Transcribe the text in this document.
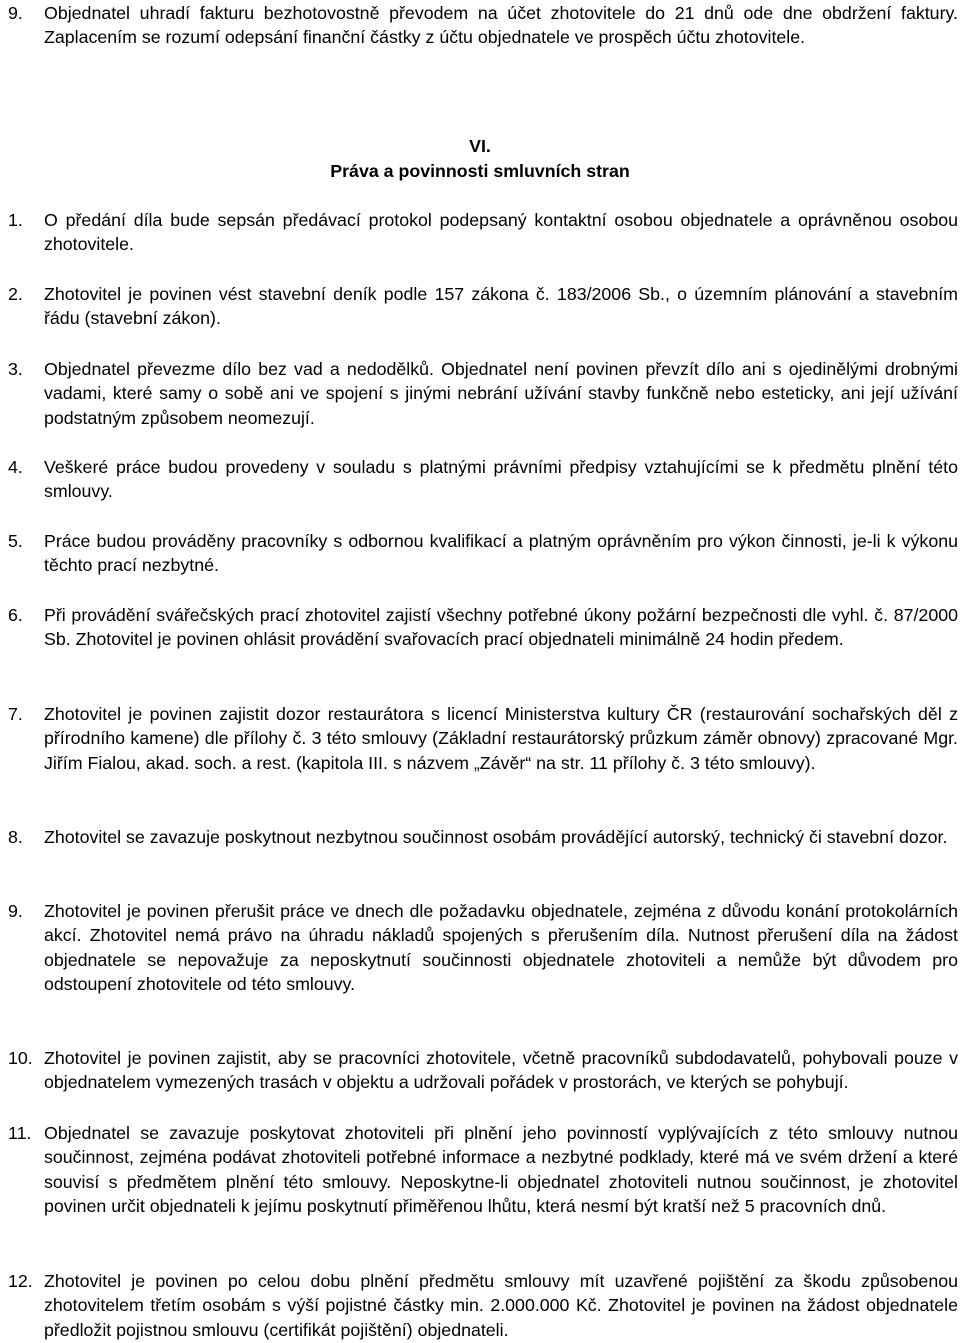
9.	Objednatel uhradí fakturu bezhotovostně převodem na účet zhotovitele do 21 dnů ode dne obdržení faktury. Zaplacením se rozumí odepsání finanční částky z účtu objednatele ve prospěch účtu zhotovitele.
VI.
Práva a povinnosti smluvních stran
1.	O předání díla bude sepsán předávací protokol podepsaný kontaktní osobou objednatele a oprávněnou osobou zhotovitele.
2.	Zhotovitel je povinen vést stavební deník podle 157 zákona č. 183/2006 Sb., o územním plánování a stavebním řádu (stavební zákon).
3.	Objednatel převezme dílo bez vad a nedodělků. Objednatel není povinen převzít dílo ani s ojedinělými drobnými vadami, které samy o sobě ani ve spojení s jinými nebrání užívání stavby funkčně nebo esteticky, ani její užívání podstatným způsobem neomezují.
4.	Veškeré práce budou provedeny v souladu s platnými právními předpisy vztahujícími se k předmětu plnění této smlouvy.
5.	Práce budou prováděny pracovníky s odbornou kvalifikací a platným oprávněním pro výkon činnosti, je-li k výkonu těchto prací nezbytné.
6.	Při provádění svářečských prací zhotovitel zajistí všechny potřebné úkony požární bezpečnosti dle vyhl. č. 87/2000 Sb. Zhotovitel je povinen ohlásit provádění svařovacích prací objednateli minimálně 24 hodin předem.
7.	Zhotovitel je povinen zajistit dozor restaurátora s licencí Ministerstva kultury ČR (restaurování sochařských děl z přírodního kamene) dle přílohy č. 3 této smlouvy (Základní restaurátorský průzkum záměr obnovy) zpracované Mgr. Jiřím Fialou, akad. soch. a rest. (kapitola III. s názvem „Závěr“ na str. 11 přílohy č. 3 této smlouvy).
8.	Zhotovitel se zavazuje poskytnout nezbytnou součinnost osobám provádějící autorský, technický či stavební dozor.
9.	Zhotovitel je povinen přerušit práce ve dnech dle požadavku objednatele, zejména z důvodu konání protokolárních akcí. Zhotovitel nemá právo na úhradu nákladů spojených s přerušením díla. Nutnost přerušení díla na žádost objednatele se nepovažuje za neposkytnutí součinnosti objednatele zhotoviteli a nemůže být důvodem pro odstoupení zhotovitele od této smlouvy.
10. Zhotovitel je povinen zajistit, aby se pracovníci zhotovitele, včetně pracovníků subdodavatelů, pohybovali pouze v objednatelem vymezených trasách v objektu a udržovali pořádek v prostorách, ve kterých se pohybují.
11. Objednatel se zavazuje poskytovat zhotoviteli při plnění jeho povinností vyplývajících z této smlouvy nutnou součinnost, zejména podávat zhotoviteli potřebné informace a nezbytné podklady, které má ve svém držení a které souvisí s předmětem plnění této smlouvy. Neposkytne-li objednatel zhotoviteli nutnou součinnost, je zhotovitel povinen určit objednateli k jejímu poskytnutí přiměřenou lhůtu, která nesmí být kratší než 5 pracovních dnů.
12. Zhotovitel je povinen po celou dobu plnění předmětu smlouvy mít uzavřené pojištění za škodu způsobenou zhotovitelem třetím osobám s výší pojistné částky min. 2.000.000 Kč. Zhotovitel je povinen na žádost objednatele předložit pojistnou smlouvu (certifikát pojištění) objednateli.
